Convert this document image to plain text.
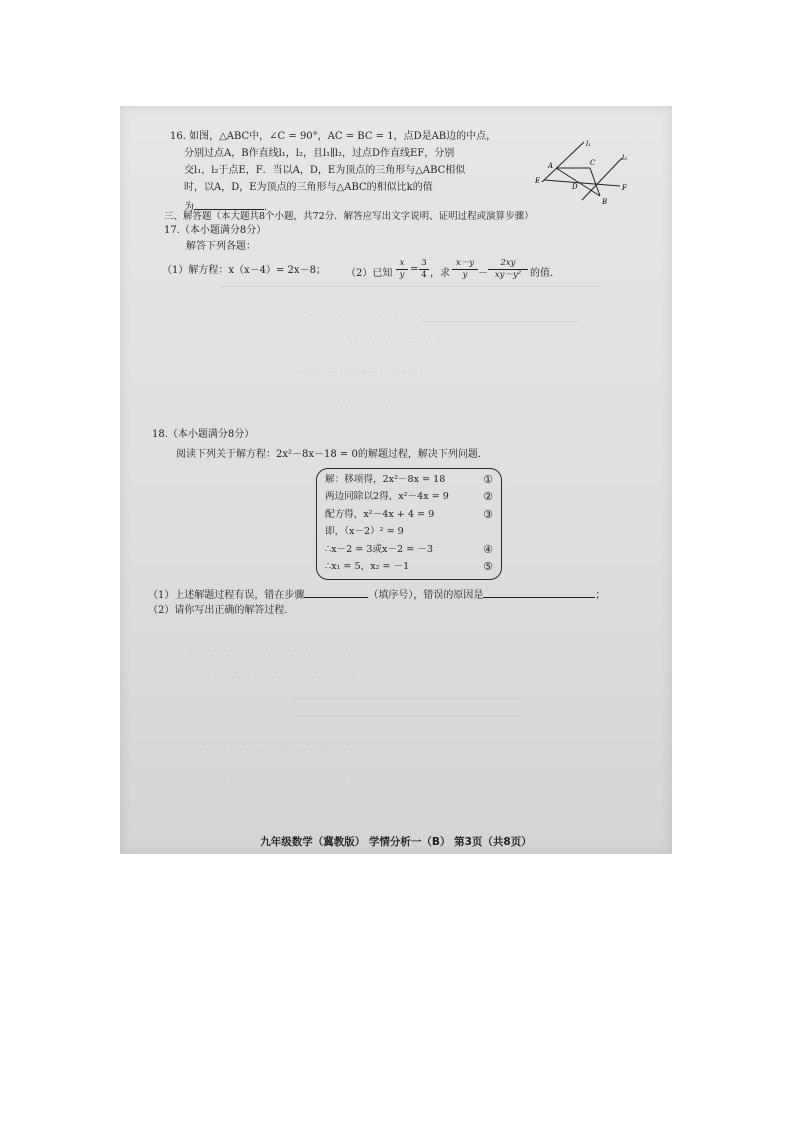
· · · · · · · · · · · · · · · · · · · ·
· · · · · · · · · · · · · · · ·
· · · · · · · · · · · · · · · · · · · · · · ·
· · · · · · · · · · · · · · · · · ·
· · · · · · · · · · · · · · · · · · · · · · · · · · · · ·
· · · · · · · · · · · · · · · · · · · · · · · · · · · · · · ·
· · · · · · · · · · · · · · · · · · · · · · · · · · · ·
· · · · · · · · · · · · · · · · · · · · · · · · · ·
16. 如图，△ABC中，∠C = 90°，AC = BC = 1，点D是AB边的中点，
分别过点A，B作直线l₁，l₂，且l₁∥l₂，过点D作直线EF，分别
交l₁，l₂于点E，F．当以A，D，E为顶点的三角形与△ABC相似
时，以A，D，E为顶点的三角形与△ABC的相似比k的值
为	．
l₁
A	C
l₂
E
D	F
B
三、解答题（本大题共8个小题，共72分．解答应写出文字说明、证明过程或演算步骤）
17.（本小题满分8分）
解答下列各题：
（1）解方程：x（x－4）= 2x－8； （2）已知 $\frac{x}{y} = \frac{3}{4}$ ，求 $\frac{x-y}{y} - \frac{2xy}{\text{xy－y²}}$ 的值．
18.（本小题满分8分）
阅读下列关于解方程：2x²－8x－18 = 0的解题过程，解决下列问题．
解：移项得，2x²－8x = 18	①
两边同除以2得，x²－4x = 9	②
配方得，x²－4x + 4 = 9	③
即，（x－2）² = 9
∴x－2 = 3或x－2 = －3	④
∴x₁ = 5，x₂ = －1	⑤
（1）上述解题过程有误，错在步骤	（填序号），错误的原因是	；
（2）请你写出正确的解答过程．
九年级数学（冀教版） 学情分析一（B） 第3页（共8页）
